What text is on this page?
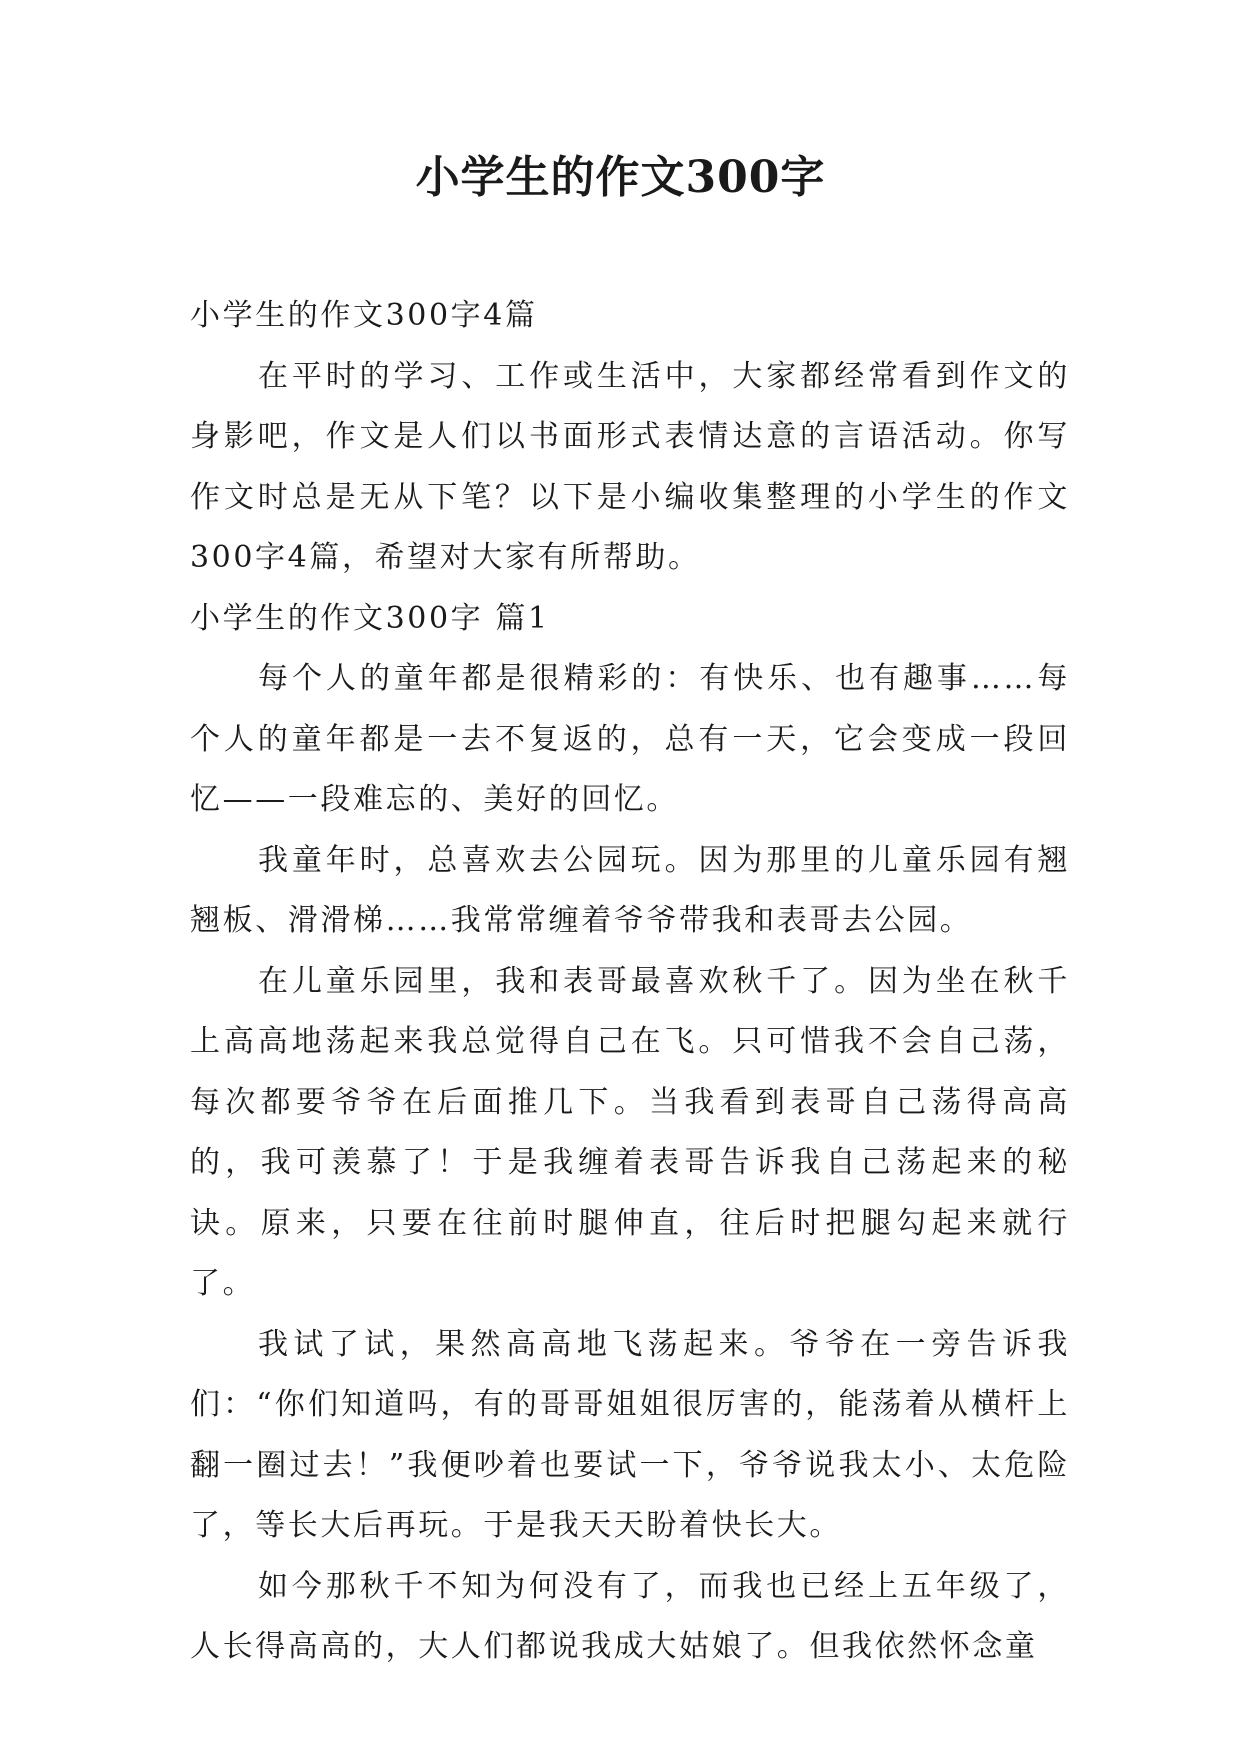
小学生的作文300字

小学生的作文300字4篇

在平时的学习、工作或生活中，大家都经常看到作文的身影吧，作文是人们以书面形式表情达意的言语活动。你写作文时总是无从下笔？以下是小编收集整理的小学生的作文300字4篇，希望对大家有所帮助。

小学生的作文300字 篇1

每个人的童年都是很精彩的：有快乐、也有趣事……每个人的童年都是一去不复返的，总有一天，它会变成一段回忆——一段难忘的、美好的回忆。

我童年时，总喜欢去公园玩。因为那里的儿童乐园有翘翘板、滑滑梯……我常常缠着爷爷带我和表哥去公园。

在儿童乐园里，我和表哥最喜欢秋千了。因为坐在秋千上高高地荡起来我总觉得自己在飞。只可惜我不会自己荡，每次都要爷爷在后面推几下。当我看到表哥自己荡得高高的，我可羡慕了！于是我缠着表哥告诉我自己荡起来的秘诀。原来，只要在往前时腿伸直，往后时把腿勾起来就行了。

我试了试，果然高高地飞荡起来。爷爷在一旁告诉我们：“你们知道吗，有的哥哥姐姐很厉害的，能荡着从横杆上翻一圈过去！”我便吵着也要试一下，爷爷说我太小、太危险了，等长大后再玩。于是我天天盼着快长大。

如今那秋千不知为何没有了，而我也已经上五年级了，人长得高高的，大人们都说我成大姑娘了。但我依然怀念童
